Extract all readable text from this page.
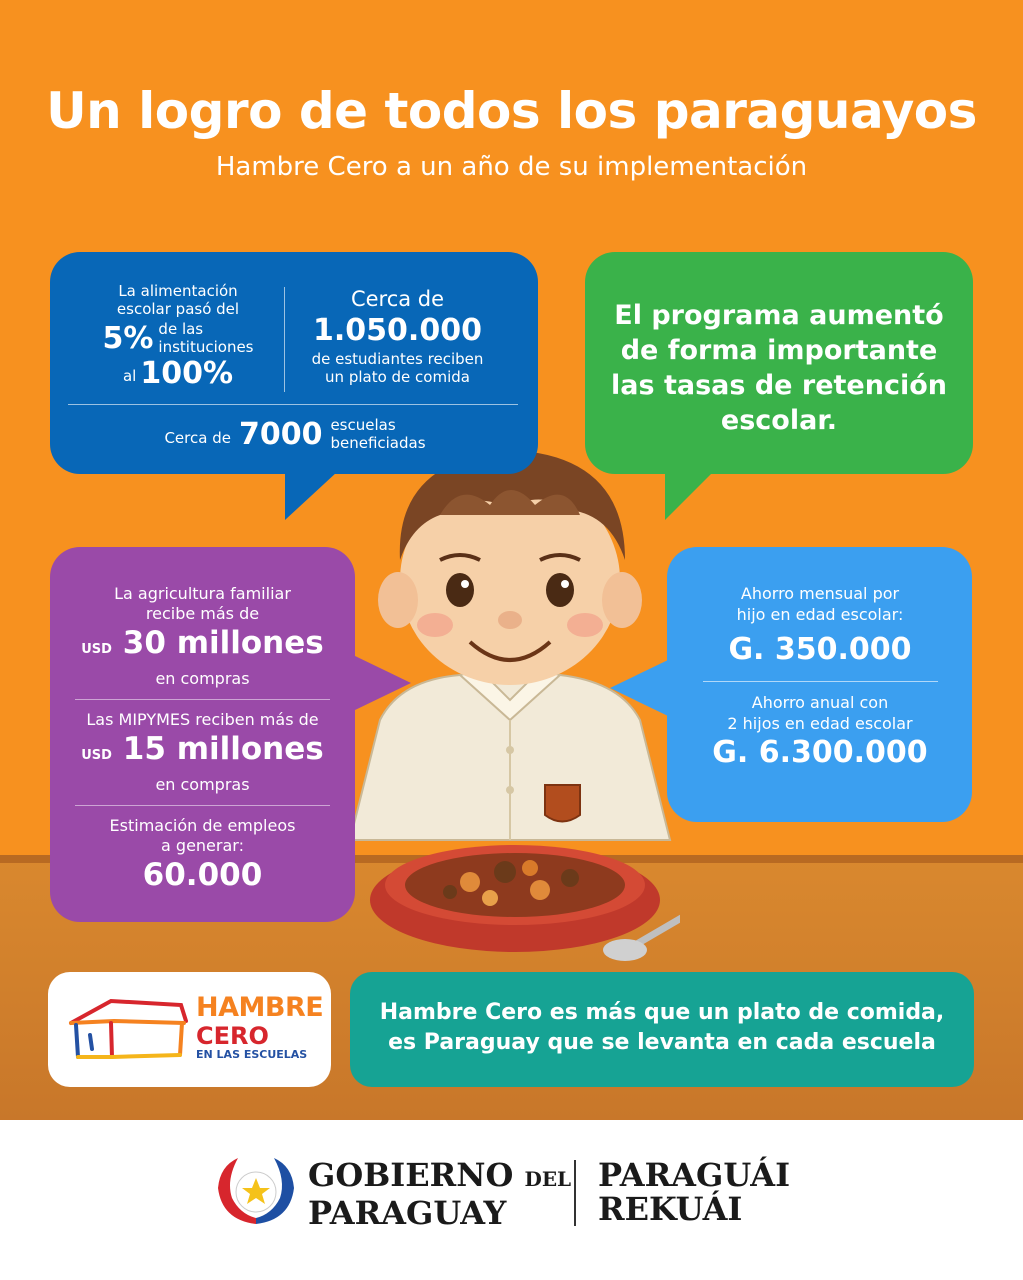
Un logro de todos los paraguayos
Hambre Cero a un año de su implementación
La alimentación
escolar pasó del
5% de las
instituciones
al 100%
Cerca de
1.050.000
de estudiantes reciben
un plato de comida
Cerca de 7000 escuelas
beneficiadas
El programa aumentó de forma importante las tasas de retención escolar.
La agricultura familiar
recibe más de
USD 30 millones
en compras
Las MIPYMES reciben más de
USD 15 millones
en compras
Estimación de empleos
a generar:
60.000
Ahorro mensual por
hijo en edad escolar:
G. 350.000
Ahorro anual con
2 hijos en edad escolar
G. 6.300.000
HAMBRE
CERO
EN LAS ESCUELAS
Hambre Cero es más que un plato de comida,
es Paraguay que se levanta en cada escuela
GOBIERNO DEL
PARAGUAY
PARAGUÁI
REKUÁI
